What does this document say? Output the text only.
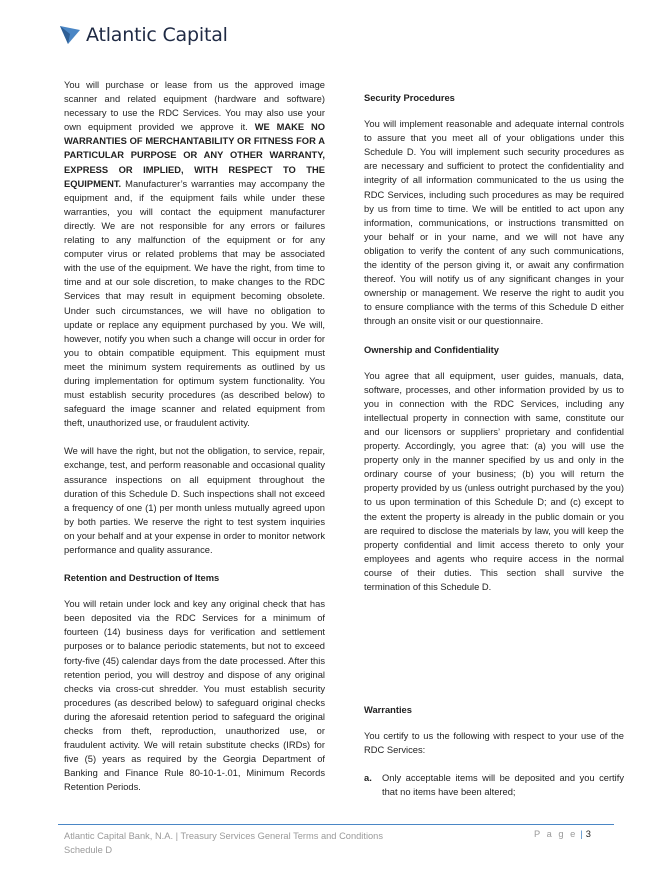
Atlantic Capital

You will purchase or lease from us the approved image scanner and related equipment (hardware and software) necessary to use the RDC Services. You may also use your own equipment provided we approve it. WE MAKE NO WARRANTIES OF MERCHANTABILITY OR FITNESS FOR A PARTICULAR PURPOSE OR ANY OTHER WARRANTY, EXPRESS OR IMPLIED, WITH RESPECT TO THE EQUIPMENT. Manufacturer’s warranties may accompany the equipment and, if the equipment fails while under these warranties, you will contact the equipment manufacturer directly. We are not responsible for any errors or failures relating to any malfunction of the equipment or for any computer virus or related problems that may be associated with the use of the equipment. We have the right, from time to time and at our sole discretion, to make changes to the RDC Services that may result in equipment becoming obsolete. Under such circumstances, we will have no obligation to update or replace any equipment purchased by you. We will, however, notify you when such a change will occur in order for you to obtain compatible equipment. This equipment must meet the minimum system requirements as outlined by us during implementation for optimum system functionality. You must establish security procedures (as described below) to safeguard the image scanner and related equipment from theft, unauthorized use, or fraudulent activity.

We will have the right, but not the obligation, to service, repair, exchange, test, and perform reasonable and occasional quality assurance inspections on all equipment throughout the duration of this Schedule D. Such inspections shall not exceed a frequency of one (1) per month unless mutually agreed upon by both parties. We reserve the right to test system inquiries on your behalf and at your expense in order to monitor network performance and quality assurance.

Retention and Destruction of Items

You will retain under lock and key any original check that has been deposited via the RDC Services for a minimum of fourteen (14) business days for verification and settlement purposes or to balance periodic statements, but not to exceed forty-five (45) calendar days from the date processed. After this retention period, you will destroy and dispose of any original checks via cross-cut shredder. You must establish security procedures (as described below) to safeguard original checks during the aforesaid retention period to safeguard the original checks from theft, reproduction, unauthorized use, or fraudulent activity. We will retain substitute checks (IRDs) for five (5) years as required by the Georgia Department of Banking and Finance Rule 80-10-1-.01, Minimum Records Retention Periods.

Security Procedures

You will implement reasonable and adequate internal controls to assure that you meet all of your obligations under this Schedule D. You will implement such security procedures as are necessary and sufficient to protect the confidentiality and integrity of all information communicated to the us using the RDC Services, including such procedures as may be required by us from time to time. We will be entitled to act upon any information, communications, or instructions transmitted on your behalf or in your name, and we will not have any obligation to verify the content of any such communications, the identity of the person giving it, or await any confirmation thereof. You will notify us of any significant changes in your ownership or management. We reserve the right to audit you to ensure compliance with the terms of this Schedule D either through an onsite visit or our questionnaire.

Ownership and Confidentiality

You agree that all equipment, user guides, manuals, data, software, processes, and other information provided by us to you in connection with the RDC Services, including any intellectual property in connection with same, constitute our and our licensors or suppliers’ proprietary and confidential property. Accordingly, you agree that: (a) you will use the property only in the manner specified by us and only in the ordinary course of your business; (b) you will return the property provided by us (unless outright purchased by the you) to us upon termination of this Schedule D; and (c) except to the extent the property is already in the public domain or you are required to disclose the materials by law, you will keep the property confidential and limit access thereto to only your employees and agents who require access in the normal course of their duties. This section shall survive the termination of this Schedule D.

Warranties

You certify to us the following with respect to your use of the RDC Services:

a.	Only acceptable items will be deposited and you certify that no items have been altered;
Atlantic Capital Bank, N.A. | Treasury Services General Terms and Conditions
Schedule D
P a g e | 3
